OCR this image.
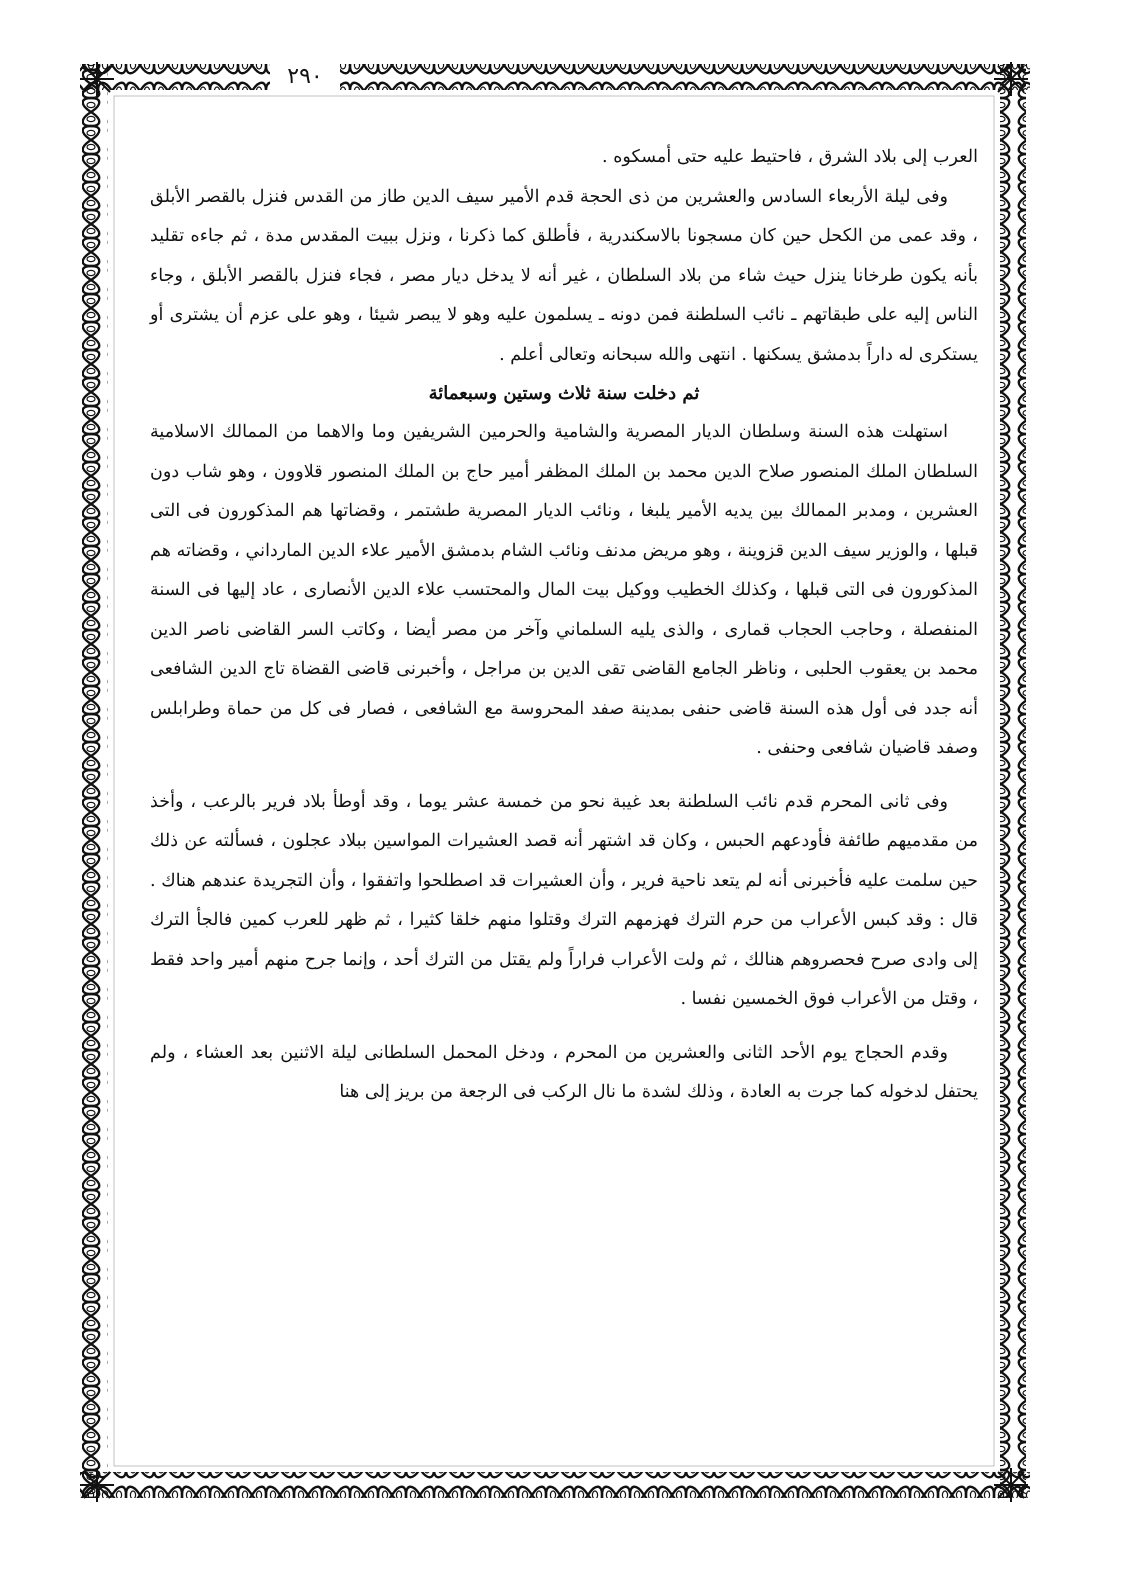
٢٩٠

العرب إلى بلاد الشرق ، فاحتيط عليه حتى أمسكوه .

وفى ليلة الأربعاء السادس والعشرين من ذى الحجة قدم الأمير سيف الدين طاز من القدس فنزل بالقصر الأبلق ، وقد عمى من الكحل حين كان مسجونا بالاسكندرية ، فأطلق كما ذكرنا ، ونزل ببيت المقدس مدة ، ثم جاءه تقليد بأنه يكون طرخانا ينزل حيث شاء من بلاد السلطان ، غير أنه لا يدخل ديار مصر ، فجاء فنزل بالقصر الأبلق ، وجاء الناس إليه على طبقاتهم ـ نائب السلطنة فمن دونه ـ يسلمون عليه وهو لا يبصر شيئا ، وهو على عزم أن يشترى أو يستكرى له داراً بدمشق يسكنها . انتهى والله سبحانه وتعالى أعلم .

ثم دخلت سنة ثلاث وستين وسبعمائة

استهلت هذه السنة وسلطان الديار المصرية والشامية والحرمين الشريفين وما والاهما من الممالك الاسلامية السلطان الملك المنصور صلاح الدين محمد بن الملك المظفر أمير حاج بن الملك المنصور قلاوون ، وهو شاب دون العشرين ، ومدبر الممالك بين يديه الأمير يلبغا ، ونائب الديار المصرية طشتمر ، وقضاتها هم المذكورون فى التى قبلها ، والوزير سيف الدين قزوينة ، وهو مريض مدنف ونائب الشام بدمشق الأمير علاء الدين المارداني ، وقضاته هم المذكورون فى التى قبلها ، وكذلك الخطيب ووكيل بيت المال والمحتسب علاء الدين الأنصارى ، عاد إليها فى السنة المنفصلة ، وحاجب الحجاب قمارى ، والذى يليه السلماني وآخر من مصر أيضا ، وكاتب السر القاضى ناصر الدين محمد بن يعقوب الحلبى ، وناظر الجامع القاضى تقى الدين بن مراجل ، وأخبرنى قاضى القضاة تاج الدين الشافعى أنه جدد فى أول هذه السنة قاضى حنفى بمدينة صفد المحروسة مع الشافعى ، فصار فى كل من حماة وطرابلس وصفد قاضيان شافعى وحنفى .

وفى ثانى المحرم قدم نائب السلطنة بعد غيبة نحو من خمسة عشر يوما ، وقد أوطأ بلاد فرير بالرعب ، وأخذ من مقدميهم طائفة فأودعهم الحبس ، وكان قد اشتهر أنه قصد العشيرات المواسين ببلاد عجلون ، فسألته عن ذلك حين سلمت عليه فأخبرنى أنه لم يتعد ناحية فرير ، وأن العشيرات قد اصطلحوا واتفقوا ، وأن التجريدة عندهم هناك . قال : وقد كبس الأعراب من حرم الترك فهزمهم الترك وقتلوا منهم خلقا كثيرا ، ثم ظهر للعرب كمين فالجأ الترك إلى وادى صرح فحصروهم هنالك ، ثم ولت الأعراب فراراً ولم يقتل من الترك أحد ، وإنما جرح منهم أمير واحد فقط ، وقتل من الأعراب فوق الخمسين نفسا .

وقدم الحجاج يوم الأحد الثانى والعشرين من المحرم ، ودخل المحمل السلطانى ليلة الاثنين بعد العشاء ، ولم يحتفل لدخوله كما جرت به العادة ، وذلك لشدة ما نال الركب فى الرجعة من بريز إلى هنا
